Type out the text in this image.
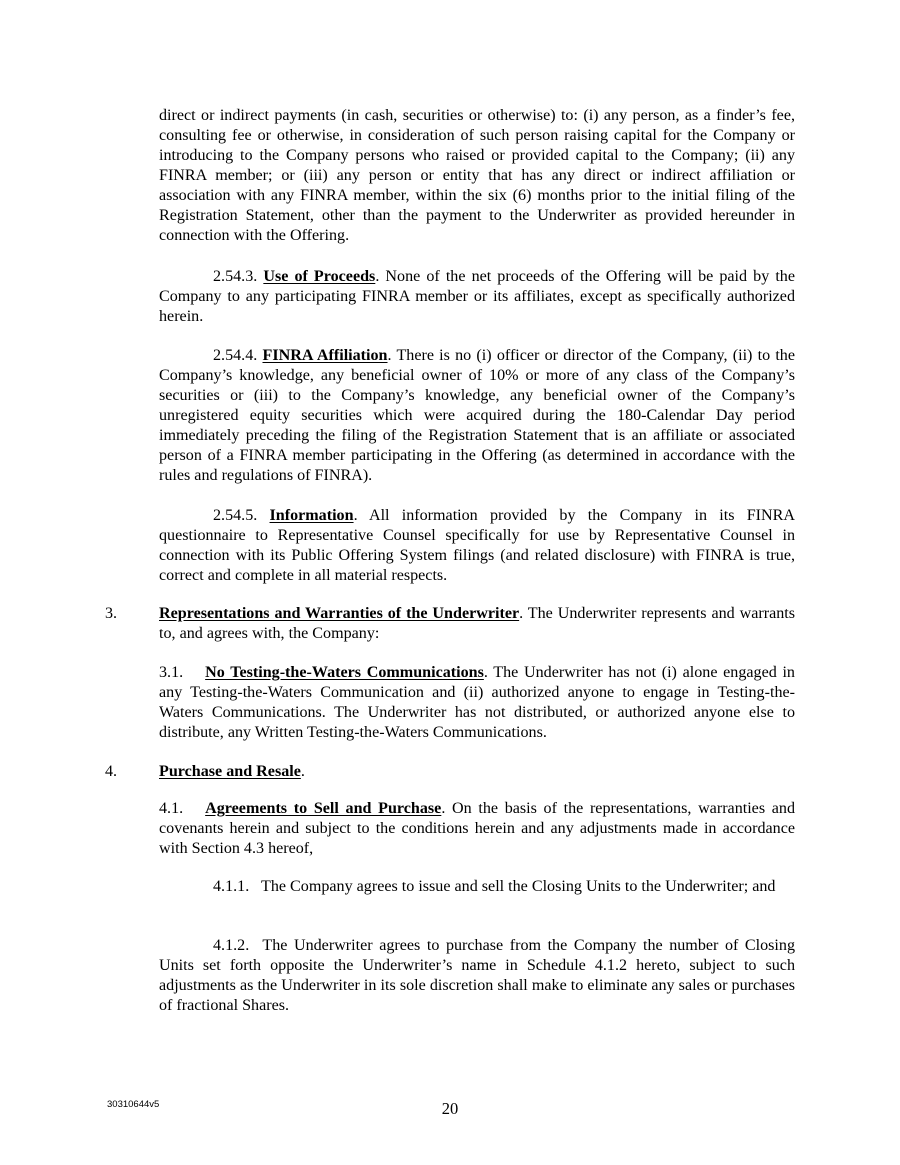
direct or indirect payments (in cash, securities or otherwise) to: (i) any person, as a finder’s fee, consulting fee or otherwise, in consideration of such person raising capital for the Company or introducing to the Company persons who raised or provided capital to the Company; (ii) any FINRA member; or (iii) any person or entity that has any direct or indirect affiliation or association with any FINRA member, within the six (6) months prior to the initial filing of the Registration Statement, other than the payment to the Underwriter as provided hereunder in connection with the Offering.

2.54.3. Use of Proceeds. None of the net proceeds of the Offering will be paid by the Company to any participating FINRA member or its affiliates, except as specifically authorized herein.

2.54.4. FINRA Affiliation. There is no (i) officer or director of the Company, (ii) to the Company’s knowledge, any beneficial owner of 10% or more of any class of the Company’s securities or (iii) to the Company’s knowledge, any beneficial owner of the Company’s unregistered equity securities which were acquired during the 180-Calendar Day period immediately preceding the filing of the Registration Statement that is an affiliate or associated person of a FINRA member participating in the Offering (as determined in accordance with the rules and regulations of FINRA).

2.54.5. Information. All information provided by the Company in its FINRA questionnaire to Representative Counsel specifically for use by Representative Counsel in connection with its Public Offering System filings (and related disclosure) with FINRA is true, correct and complete in all material respects.

3.	Representations and Warranties of the Underwriter. The Underwriter represents and warrants to, and agrees with, the Company:

3.1. No Testing-the-Waters Communications. The Underwriter has not (i) alone engaged in any Testing-the-Waters Communication and (ii) authorized anyone to engage in Testing-the-Waters Communications. The Underwriter has not distributed, or authorized anyone else to distribute, any Written Testing-the-Waters Communications.

4.	Purchase and Resale.

4.1. Agreements to Sell and Purchase. On the basis of the representations, warranties and covenants herein and subject to the conditions herein and any adjustments made in accordance with Section 4.3 hereof,

4.1.1. The Company agrees to issue and sell the Closing Units to the Underwriter; and

4.1.2. The Underwriter agrees to purchase from the Company the number of Closing Units set forth opposite the Underwriter’s name in Schedule 4.1.2 hereto, subject to such adjustments as the Underwriter in its sole discretion shall make to eliminate any sales or purchases of fractional Shares.

30310644v5	20
